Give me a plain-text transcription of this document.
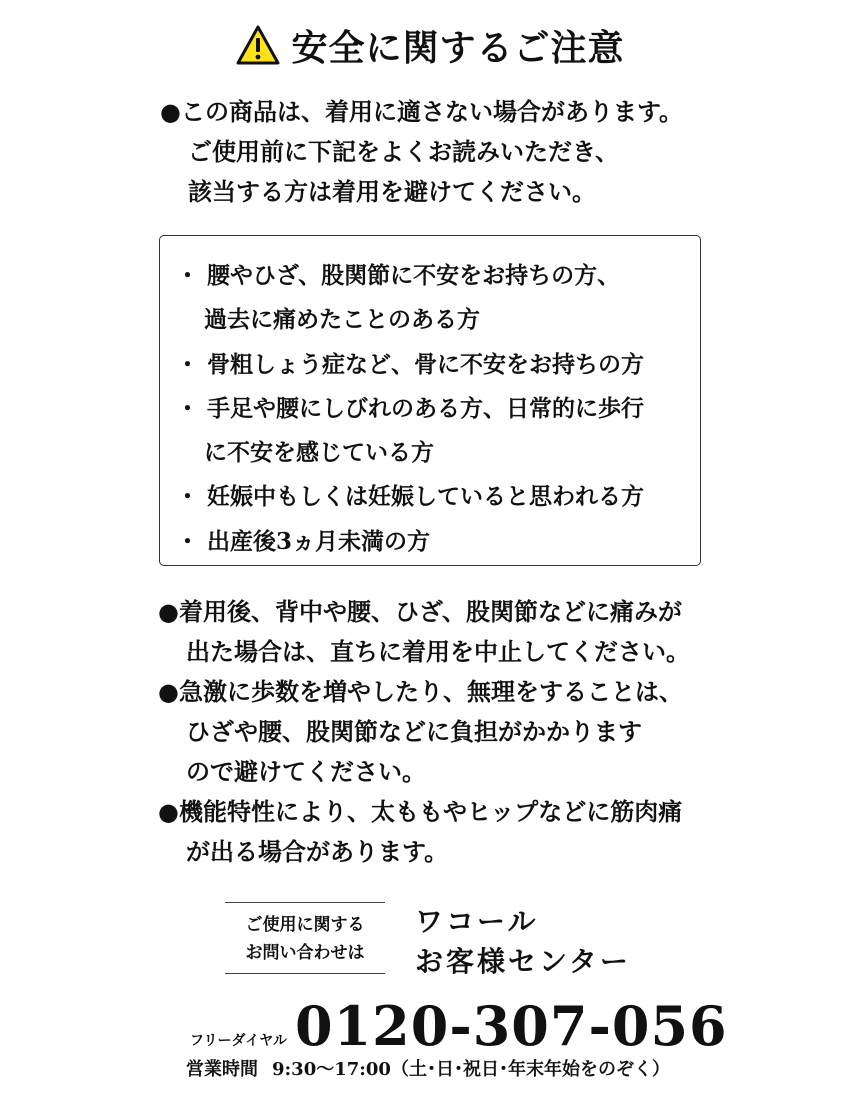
安全に関するご注意
●この商品は、着用に適さない場合があります。
ご使用前に下記をよくお読みいただき、
該当する方は着用を避けてください。
・ 腰やひざ、股関節に不安をお持ちの方、
過去に痛めたことのある方
・ 骨粗しょう症など、骨に不安をお持ちの方
・ 手足や腰にしびれのある方、日常的に歩行
に不安を感じている方
・ 妊娠中もしくは妊娠していると思われる方
・ 出産後3ヵ月未満の方
●着用後、背中や腰、ひざ、股関節などに痛みが
出た場合は、直ちに着用を中止してください。
●急激に歩数を増やしたり、無理をすることは、
ひざや腰、股関節などに負担がかかります
ので避けてください。
●機能特性により、太ももやヒップなどに筋肉痛
が出る場合があります。
ご使用に関する
お問い合わせは
ワコール
お客様センター
フリーダイヤル 0120-307-056
営業時間 9:30〜17:00（土･日･祝日･年末年始をのぞく）
